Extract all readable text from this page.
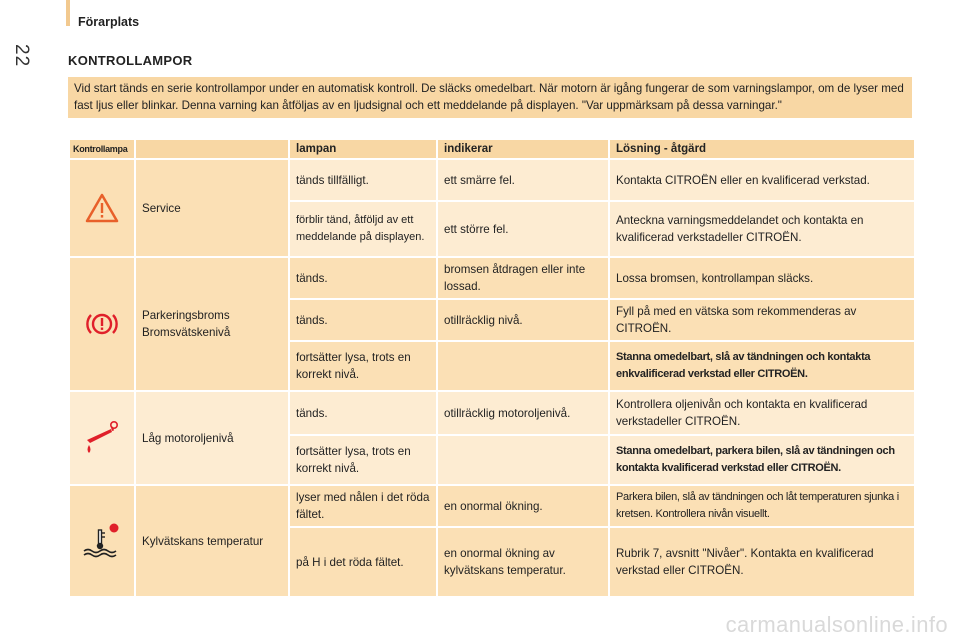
Förarplats
22	KONTROLLAMPOR
Vid start tänds en serie kontrollampor under en automatisk kontroll. De släcks omedelbart. När motorn är igång fungerar de som varningslampor, om de lyser med fast ljus eller blinkar. Denna varning kan åtföljas av en ljudsignal och ett meddelande på displayen. "Var uppmärksam på dessa varningar."
Kontrollampa		lampan	indikerar	Lösning - åtgärd
	Service	tänds tillfälligt.	ett smärre fel.	Kontakta CITROËN eller en kvalificerad verkstad.
		förblir tänd, åtföljd av ett meddelande på displayen.	ett större fel.	Anteckna varningsmeddelandet och kontakta en kvalificerad verkstadeller CITROËN.
	Parkeringsbroms Bromsvätskenivå	tänds.	bromsen åtdragen eller inte lossad.	Lossa bromsen, kontrollampan släcks.
		tänds.	otillräcklig nivå.	Fyll på med en vätska som rekommenderas av CITROËN.
		fortsätter lysa, trots en korrekt nivå.		Stanna omedelbart, slå av tändningen och kontakta enkvalificerad verkstad eller CITROËN.
	Låg motoroljenivå	tänds.	otillräcklig motoroljenivå.	Kontrollera oljenivån och kontakta en kvalificerad verkstadeller CITROËN.
		fortsätter lysa, trots en korrekt nivå.		Stanna omedelbart, parkera bilen, slå av tändningen och kontakta kvalificerad verkstad eller CITROËN.
	Kylvätskans temperatur	lyser med nålen i det röda fältet.	en onormal ökning.	Parkera bilen, slå av tändningen och låt temperaturen sjunka i kretsen. Kontrollera nivån visuellt.
		på H i det röda fältet.	en onormal ökning av kylvätskans temperatur.	Rubrik 7, avsnitt "Nivåer". Kontakta en kvalificerad verkstad eller CITROËN.
carmanualsonline.info
